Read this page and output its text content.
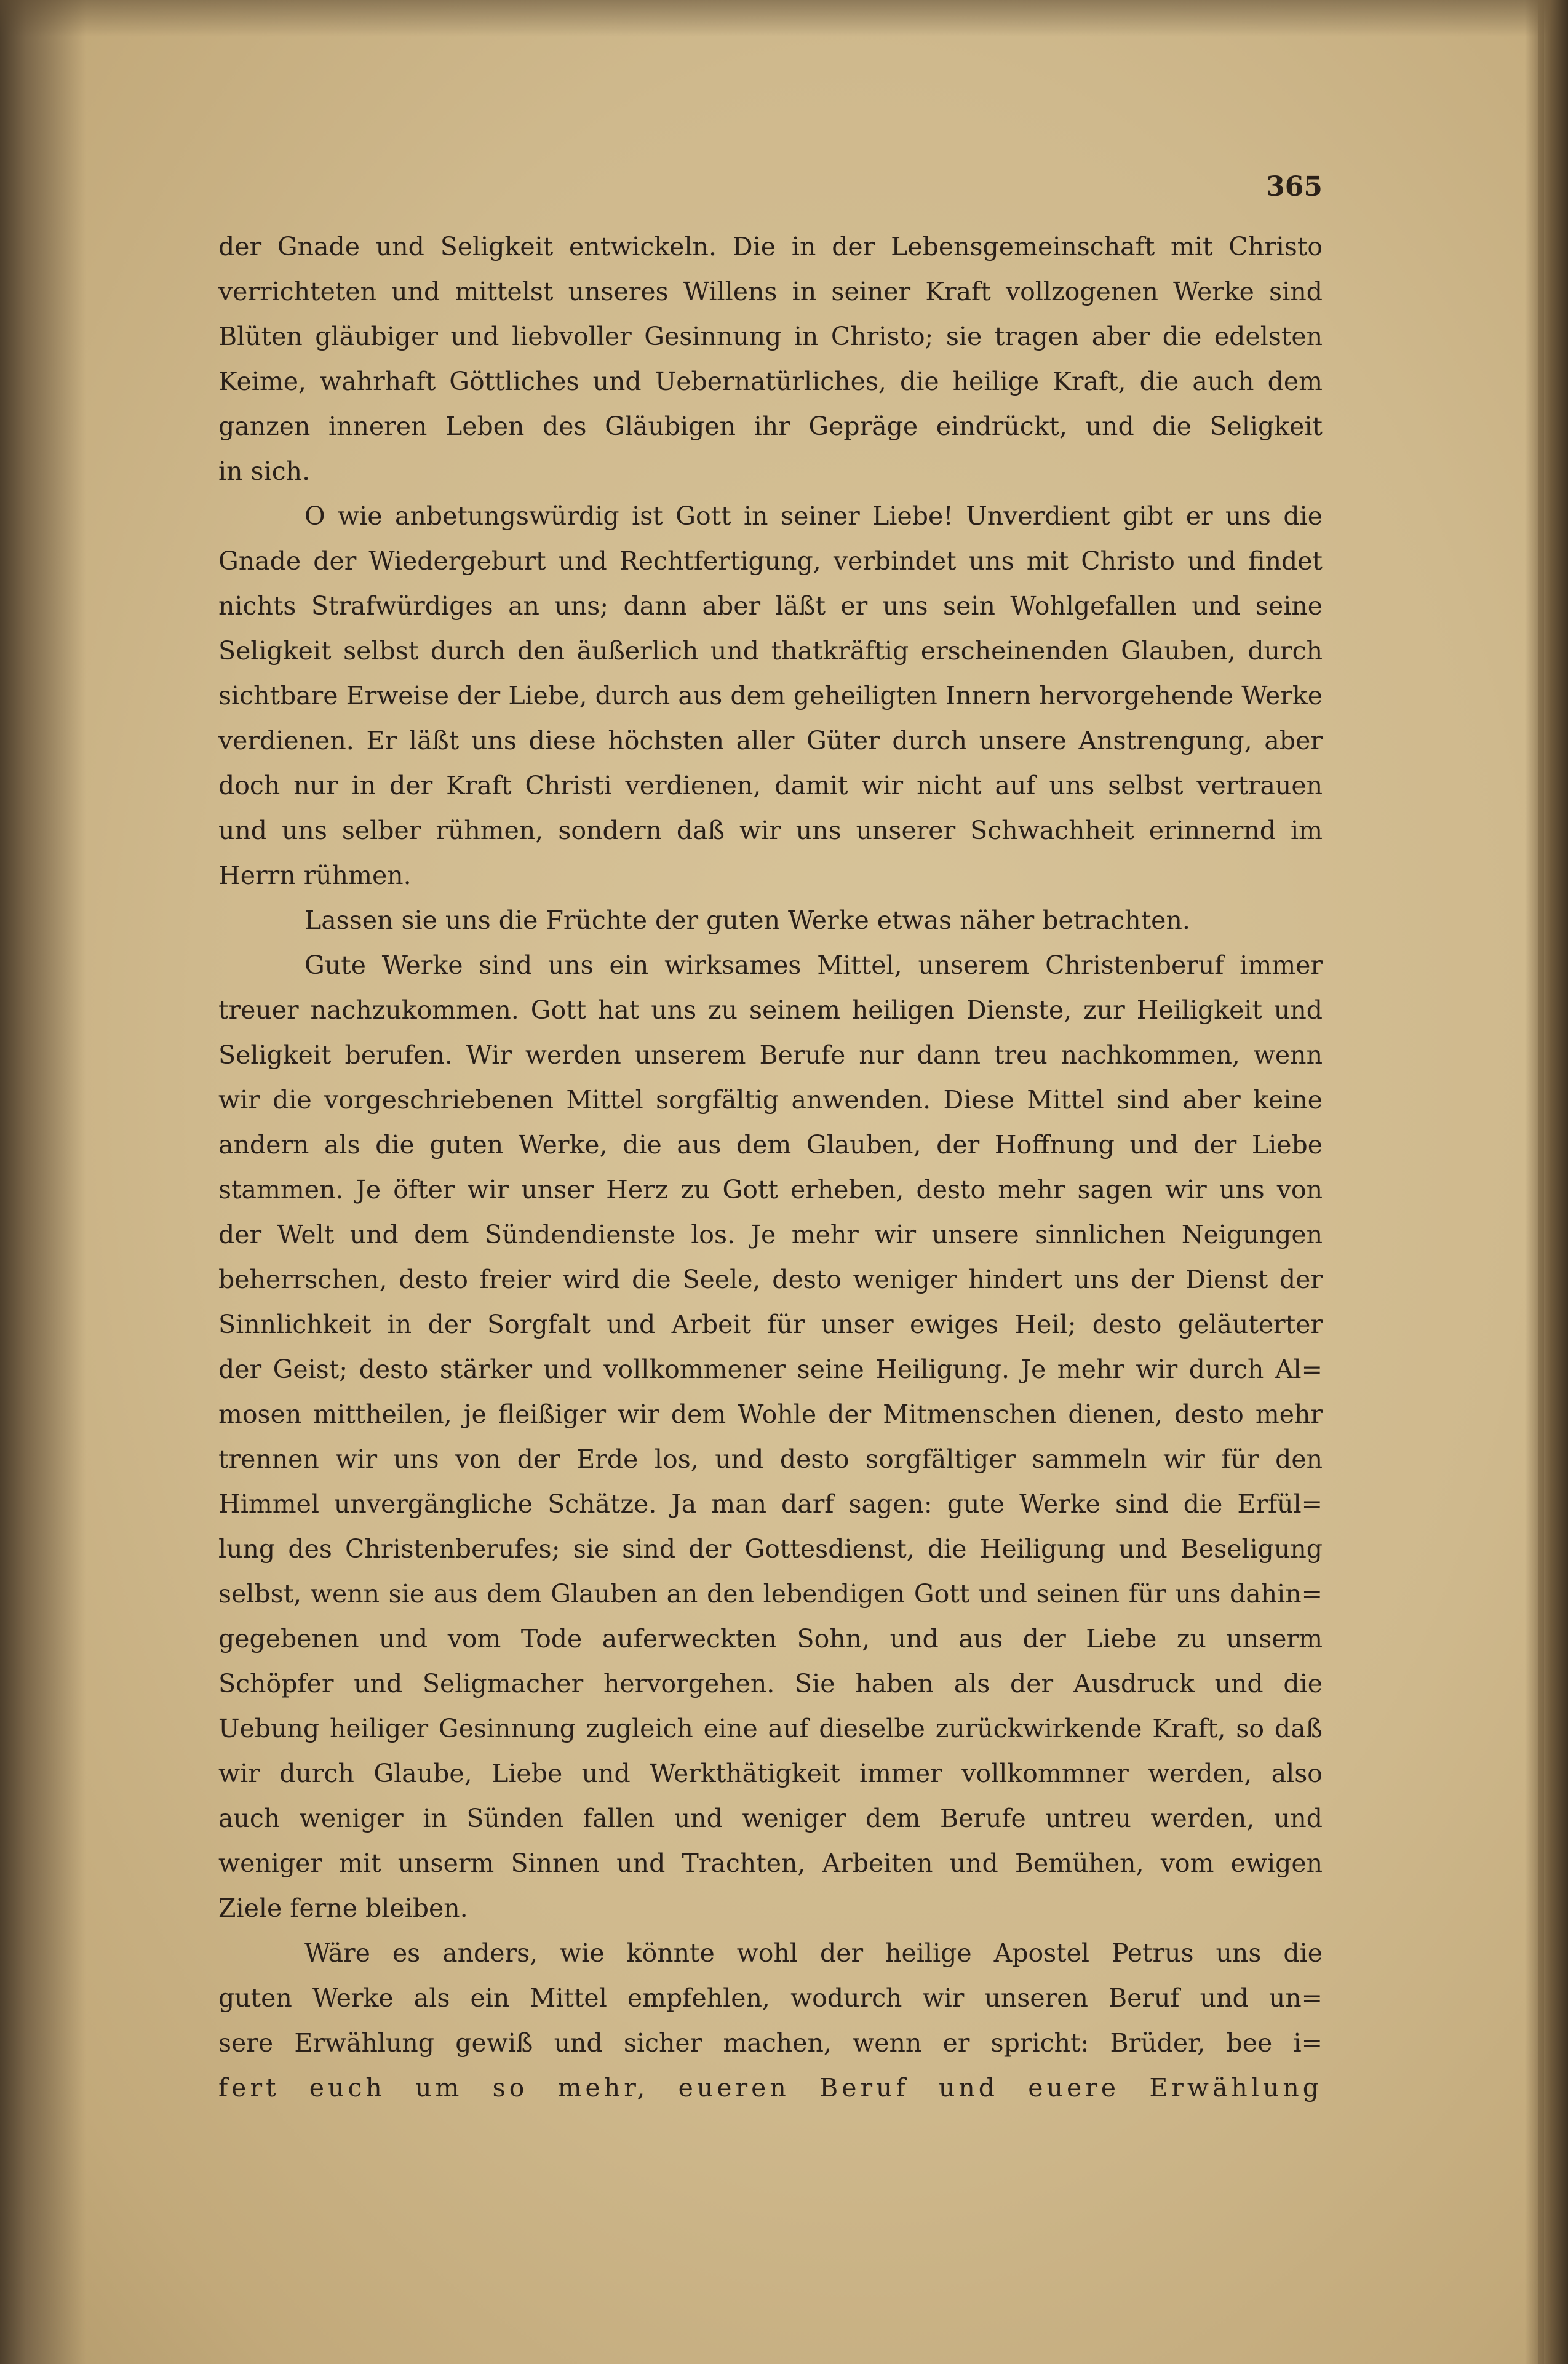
365
der Gnade und Seligkeit entwickeln. Die in der Lebensgemeinschaft mit Christo
verrichteten und mittelst unseres Willens in seiner Kraft vollzogenen Werke sind
Blüten gläubiger und liebvoller Gesinnung in Christo; sie tragen aber die edelsten
Keime, wahrhaft Göttliches und Uebernatürliches, die heilige Kraft, die auch dem
ganzen inneren Leben des Gläubigen ihr Gepräge eindrückt, und die Seligkeit
in sich.
O wie anbetungswürdig ist Gott in seiner Liebe! Unverdient gibt er uns die
Gnade der Wiedergeburt und Rechtfertigung, verbindet uns mit Christo und findet
nichts Strafwürdiges an uns; dann aber läßt er uns sein Wohlgefallen und seine
Seligkeit selbst durch den äußerlich und thatkräftig erscheinenden Glauben, durch
sichtbare Erweise der Liebe, durch aus dem geheiligten Innern hervorgehende Werke
verdienen. Er läßt uns diese höchsten aller Güter durch unsere Anstrengung, aber
doch nur in der Kraft Christi verdienen, damit wir nicht auf uns selbst vertrauen
und uns selber rühmen, sondern daß wir uns unserer Schwachheit erinnernd im
Herrn rühmen.
Lassen sie uns die Früchte der guten Werke etwas näher betrachten.
Gute Werke sind uns ein wirksames Mittel, unserem Christenberuf immer
treuer nachzukommen. Gott hat uns zu seinem heiligen Dienste, zur Heiligkeit und
Seligkeit berufen. Wir werden unserem Berufe nur dann treu nachkommen, wenn
wir die vorgeschriebenen Mittel sorgfältig anwenden. Diese Mittel sind aber keine
andern als die guten Werke, die aus dem Glauben, der Hoffnung und der Liebe
stammen. Je öfter wir unser Herz zu Gott erheben, desto mehr sagen wir uns von
der Welt und dem Sündendienste los. Je mehr wir unsere sinnlichen Neigungen
beherrschen, desto freier wird die Seele, desto weniger hindert uns der Dienst der
Sinnlichkeit in der Sorgfalt und Arbeit für unser ewiges Heil; desto geläuterter
der Geist; desto stärker und vollkommener seine Heiligung. Je mehr wir durch Al=
mosen mittheilen, je fleißiger wir dem Wohle der Mitmenschen dienen, desto mehr
trennen wir uns von der Erde los, und desto sorgfältiger sammeln wir für den
Himmel unvergängliche Schätze. Ja man darf sagen: gute Werke sind die Erfül=
lung des Christenberufes; sie sind der Gottesdienst, die Heiligung und Beseligung
selbst, wenn sie aus dem Glauben an den lebendigen Gott und seinen für uns dahin=
gegebenen und vom Tode auferweckten Sohn, und aus der Liebe zu unserm
Schöpfer und Seligmacher hervorgehen. Sie haben als der Ausdruck und die
Uebung heiliger Gesinnung zugleich eine auf dieselbe zurückwirkende Kraft, so daß
wir durch Glaube, Liebe und Werkthätigkeit immer vollkommner werden, also
auch weniger in Sünden fallen und weniger dem Berufe untreu werden, und
weniger mit unserm Sinnen und Trachten, Arbeiten und Bemühen, vom ewigen
Ziele ferne bleiben.
Wäre es anders, wie könnte wohl der heilige Apostel Petrus uns die
guten Werke als ein Mittel empfehlen, wodurch wir unseren Beruf und un=
sere Erwählung gewiß und sicher machen, wenn er spricht: Brüder, bee i=
fert euch um so mehr, eueren Beruf und euere Erwählung
